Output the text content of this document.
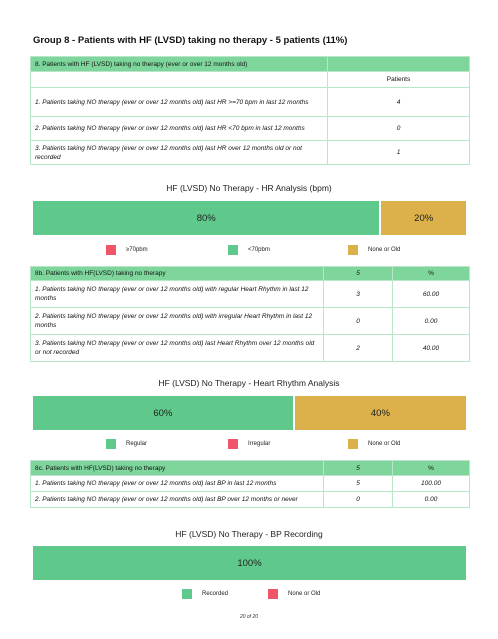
Group 8 - Patients with HF (LVSD) taking no therapy - 5 patients (11%)
8. Patients with HF (LVSD) taking no therapy (ever or over 12 months old)	
	Patients
1. Patients taking NO therapy (ever or over 12 months old) last HR >=70 bpm in last 12 months	4
2. Patients taking NO therapy (ever or over 12 months old) last HR <70 bpm in last 12 months	0
3. Patients taking NO therapy (ever or over 12 months old) last HR over 12 months old or not recorded	1
HF (LVSD) No Therapy - HR Analysis (bpm)
80%	20%
≥70pbm	<70pbm	None or Old
8b. Patients with HF(LVSD) taking no therapy	5	%
1. Patients taking NO therapy (ever or over 12 months old) with regular Heart Rhythm in last 12 months	3	60.00
2. Patients taking NO therapy (ever or over 12 months old) with irregular Heart Rhythm in last 12 months	0	0.00
3. Patients taking NO therapy (ever or over 12 months old) last Heart Rhythm over 12 months old or not recorded	2	40.00
HF (LVSD) No Therapy - Heart Rhythm Analysis
60%	40%
Regular	Irregular	None or Old
8c. Patients with HF(LVSD) taking no therapy	5	%
1. Patients taking NO therapy (ever or over 12 months old) last BP in last 12 months	5	100.00
2. Patients taking NO therapy (ever or over 12 months old) last BP over 12 months or never	0	0.00
HF (LVSD) No Therapy - BP Recording
100%
Recorded	None or Old
20 of 20
